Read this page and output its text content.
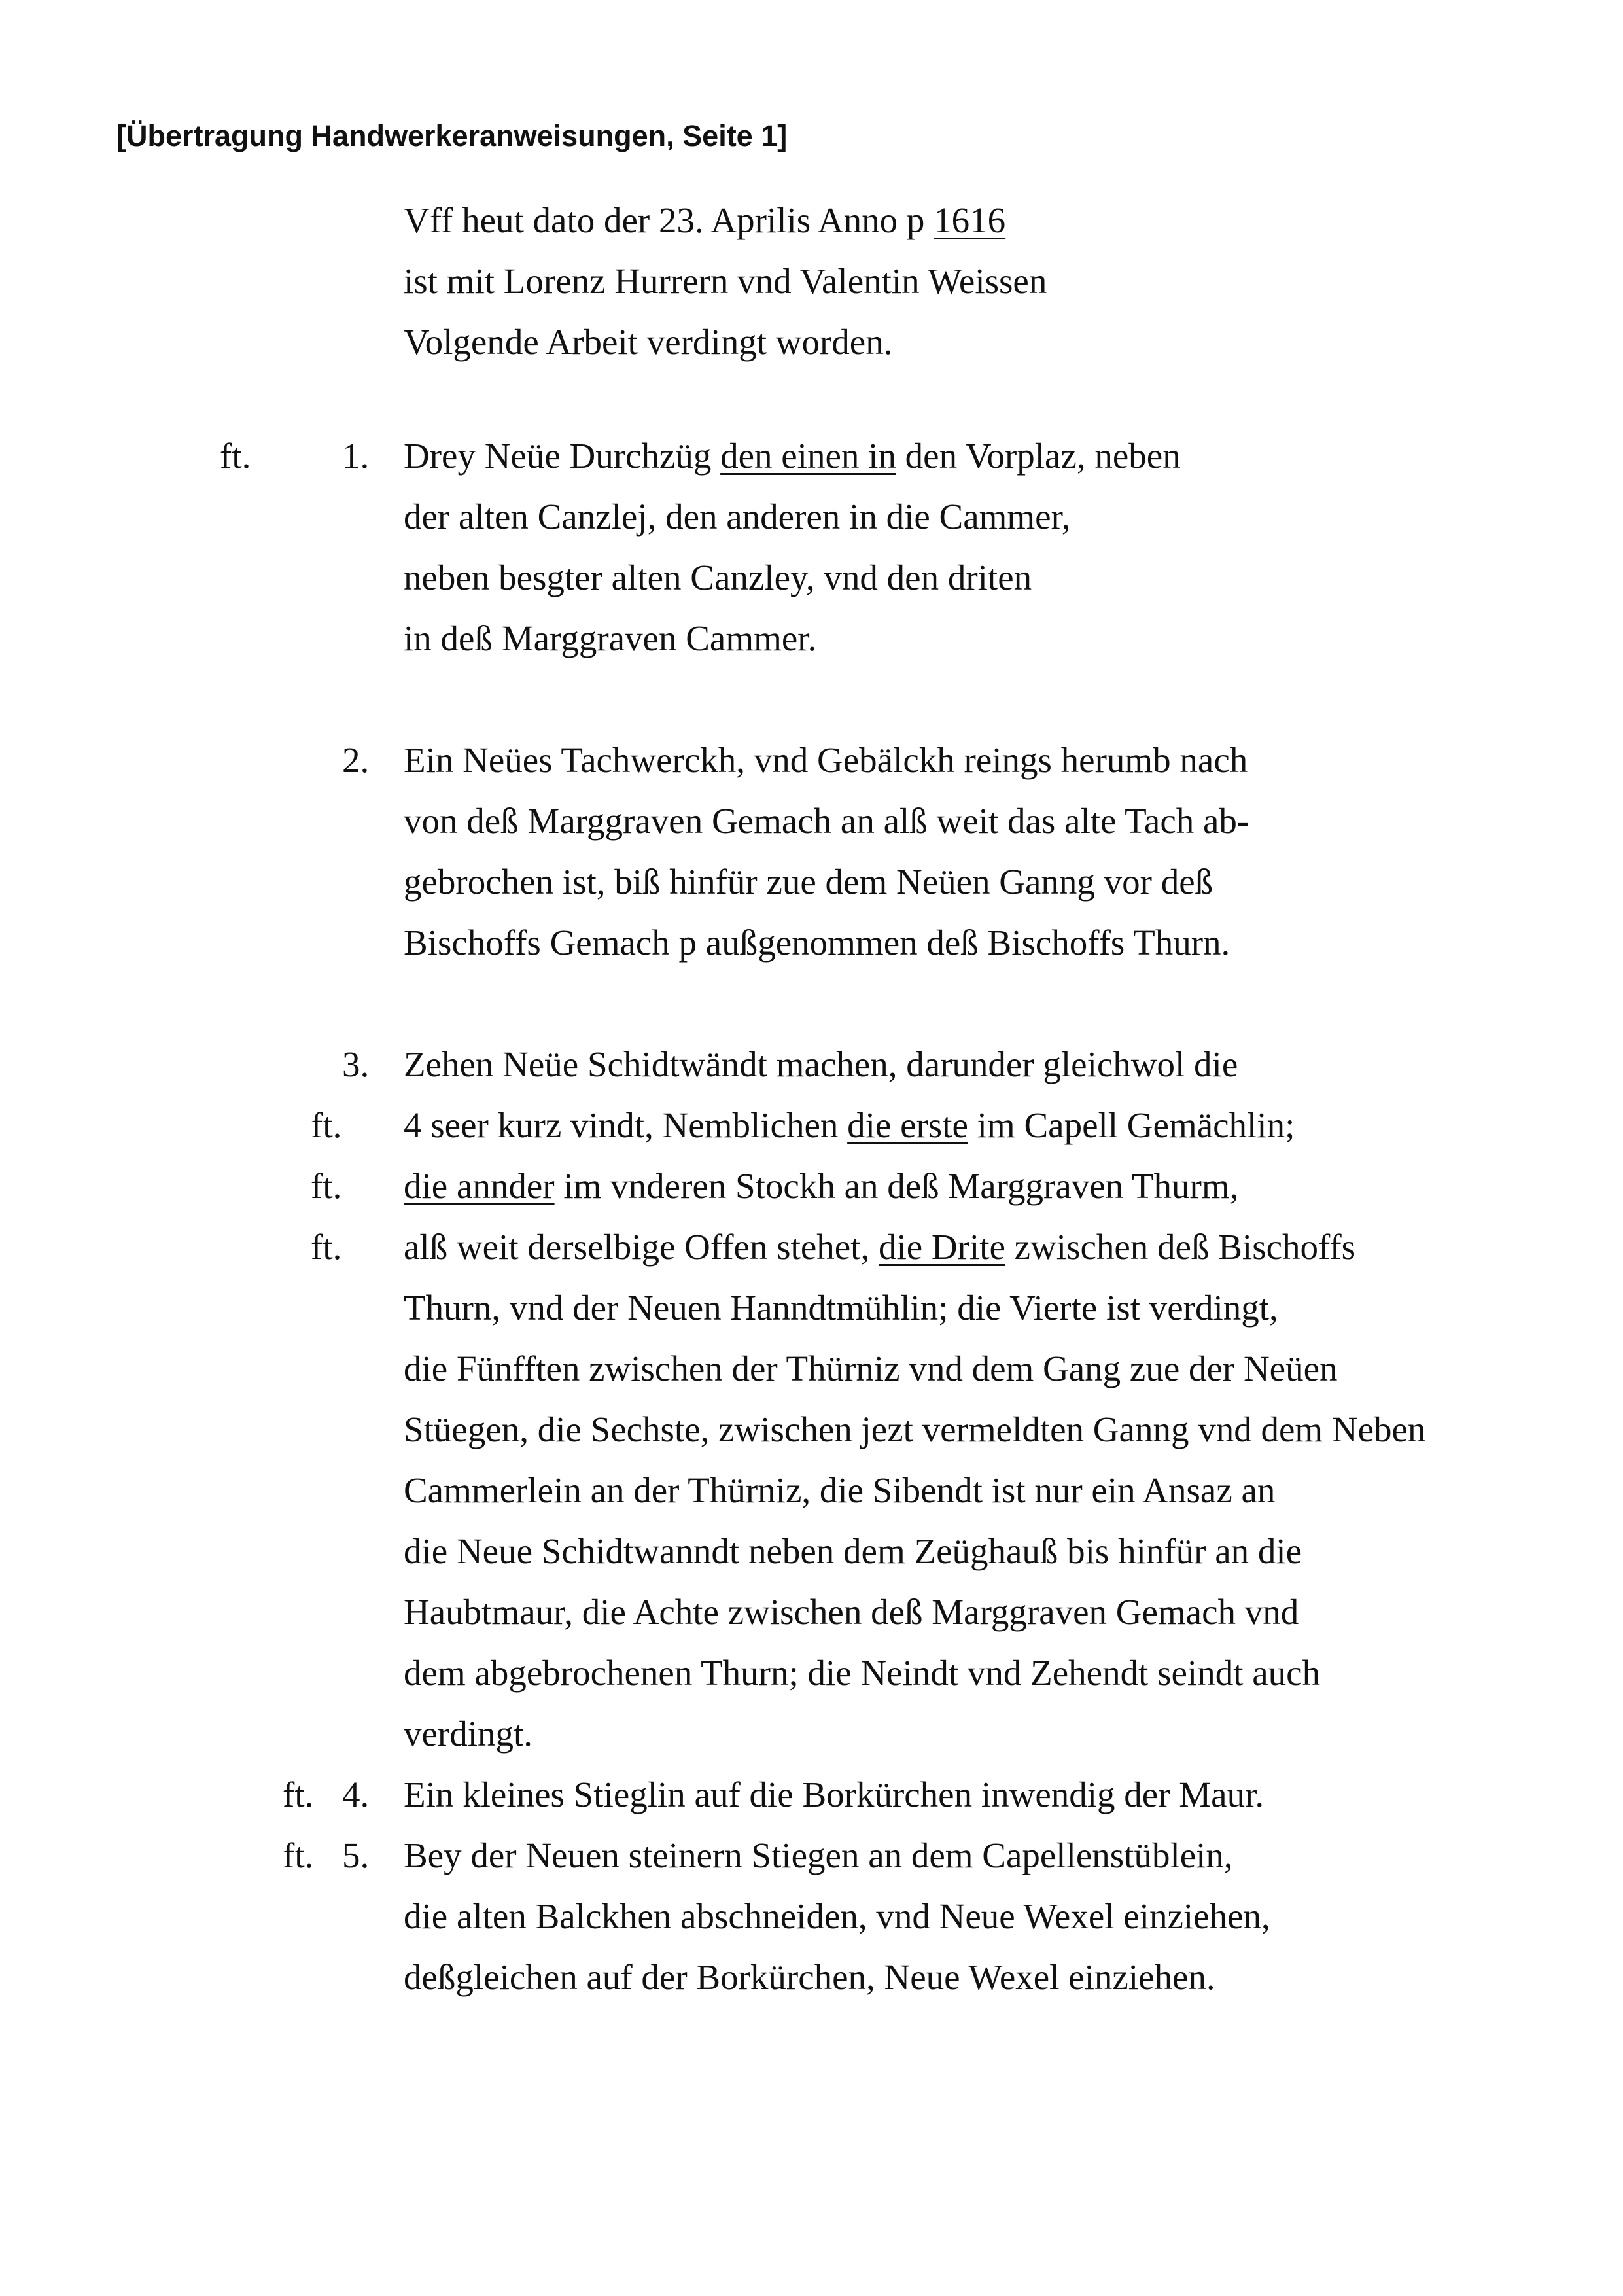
[Übertragung Handwerkeranweisungen, Seite 1]
Vff heut dato der 23. Aprilis Anno p 1616
ist mit Lorenz Hurrern vnd Valentin Weissen
Volgende Arbeit verdingt worden.
ft.	1. Drey Neüe Durchzüg den einen in den Vorplaz, neben
der alten Canzlej, den anderen in die Cammer,
neben besgter alten Canzley, vnd den driten
in deß Marggraven Cammer.
2. Ein Neües Tachwerckh, vnd Gebälckh reings herumb nach
von deß Marggraven Gemach an alß weit das alte Tach ab-
gebrochen ist, biß hinfür zue dem Neüen Ganng vor deß
Bischoffs Gemach p außgenommen deß Bischoffs Thurn.
3. Zehen Neüe Schidtwändt machen, darunder gleichwol die
ft. 4 seer kurz vindt, Nemblichen die erste im Capell Gemächlin;
ft. die annder im vnderen Stockh an deß Marggraven Thurm,
ft. alß weit derselbige Offen stehet, die Drite zwischen deß Bischoffs
Thurn, vnd der Neuen Hanndtmühlin; die Vierte ist verdingt,
die Fünfften zwischen der Thürniz vnd dem Gang zue der Neüen
Stüegen, die Sechste, zwischen jezt vermeldten Ganng vnd dem Neben
Cammerlein an der Thürniz, die Sibendt ist nur ein Ansaz an
die Neue Schidtwanndt neben dem Zeüghauß bis hinfür an die
Haubtmaur, die Achte zwischen deß Marggraven Gemach vnd
dem abgebrochenen Thurn; die Neindt vnd Zehendt seindt auch
verdingt.
ft. 4. Ein kleines Stieglin auf die Borkürchen inwendig der Maur.
ft. 5. Bey der Neuen steinern Stiegen an dem Capellenstüblein,
die alten Balckhen abschneiden, vnd Neue Wexel einziehen,
deßgleichen auf der Borkürchen, Neue Wexel einziehen.
